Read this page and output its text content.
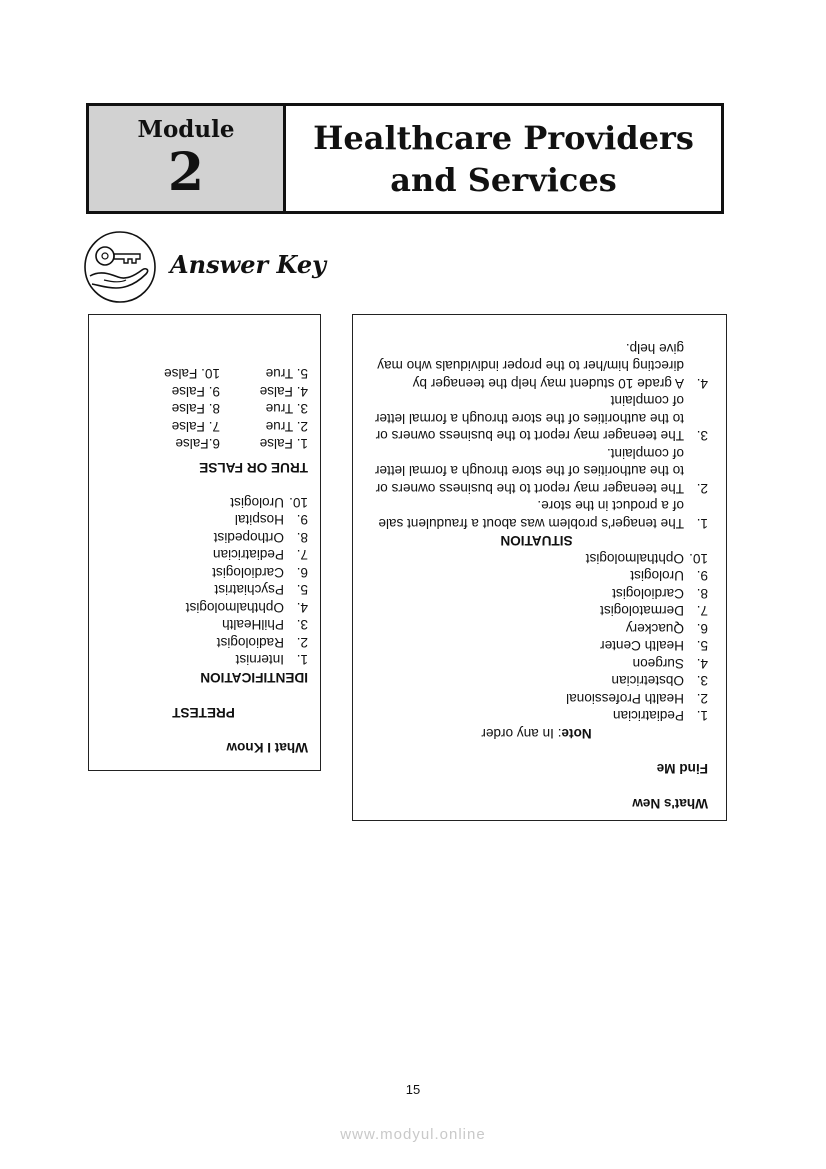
Module
2
Healthcare Providers
and Services
Answer Key
What I Know
PRETEST
IDENTIFICATION
1.
Internist
2.
Radiologist
3.
PhilHealth
4.
Ophthalmologist
5.
Psychiatrist
6.
Cardiologist
7.
Pediatrician
8.
Orthopedist
9.
Hospital
10.
Urologist
TRUE OR FALSE
1. False
6.False
2. True
7. False
3. True
8. False
4. False
9. False
5. True
10. False
What's New
Find Me
Note: In any order
1.
Pediatrician
2.
Health Professional
3.
Obstetrician
4.
Surgeon
5.
Health Center
6.
Quackery
7.
Dermatologist
8.
Cardiologist
9.
Urologist
10.
Ophthalmologist
SITUATION
1.
The tenager's problem was about a fraudulent sale of a product in the store.
2.
The teenager may report to the business owners or to the authorities of the store through a formal letter of complaint.
3.
The teenager may report to the business owners or to the authorities of the store through a formal letter of complaint
4.
A grade 10 student may help the teenager by directing him/her to the proper individuals who may give help.
15
www.modyul.online
